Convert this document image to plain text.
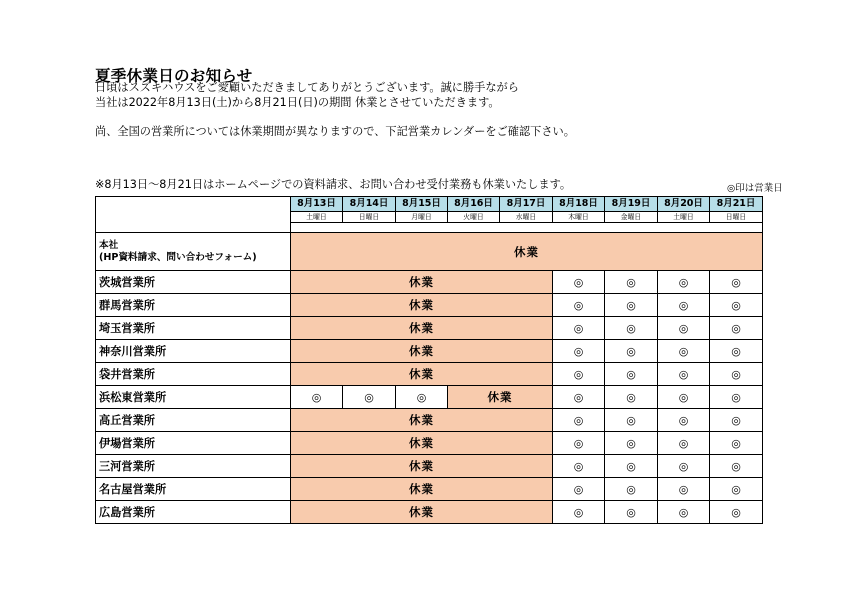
夏季休業日のお知らせ
日頃はスズキハウスをご愛顧いただきましてありがとうございます。誠に勝手ながら
当社は2022年8月13日(土)から8月21日(日)の期間 休業とさせていただきます。
尚、全国の営業所については休業期間が異なりますので、下記営業カレンダーをご確認下さい。
※8月13日～8月21日はホームページでの資料請求、お問い合わせ受付業務も休業いたします。	◎印は営業日
	8月13日	8月14日	8月15日	8月16日	8月17日	8月18日	8月19日	8月20日	8月21日
	土曜日	日曜日	月曜日	火曜日	水曜日	木曜日	金曜日	土曜日	日曜日

本社
(HP資料請求、問い合わせフォーム)	休業								
茨城営業所	休業					◎	◎	◎	◎
群馬営業所	休業					◎	◎	◎	◎
埼玉営業所	休業					◎	◎	◎	◎
神奈川営業所	休業					◎	◎	◎	◎
袋井営業所	休業					◎	◎	◎	◎
浜松東営業所	◎	◎	◎	休業		◎	◎	◎	◎
高丘営業所	休業					◎	◎	◎	◎
伊場営業所	休業					◎	◎	◎	◎
三河営業所	休業					◎	◎	◎	◎
名古屋営業所	休業					◎	◎	◎	◎
広島営業所	休業					◎	◎	◎	◎
